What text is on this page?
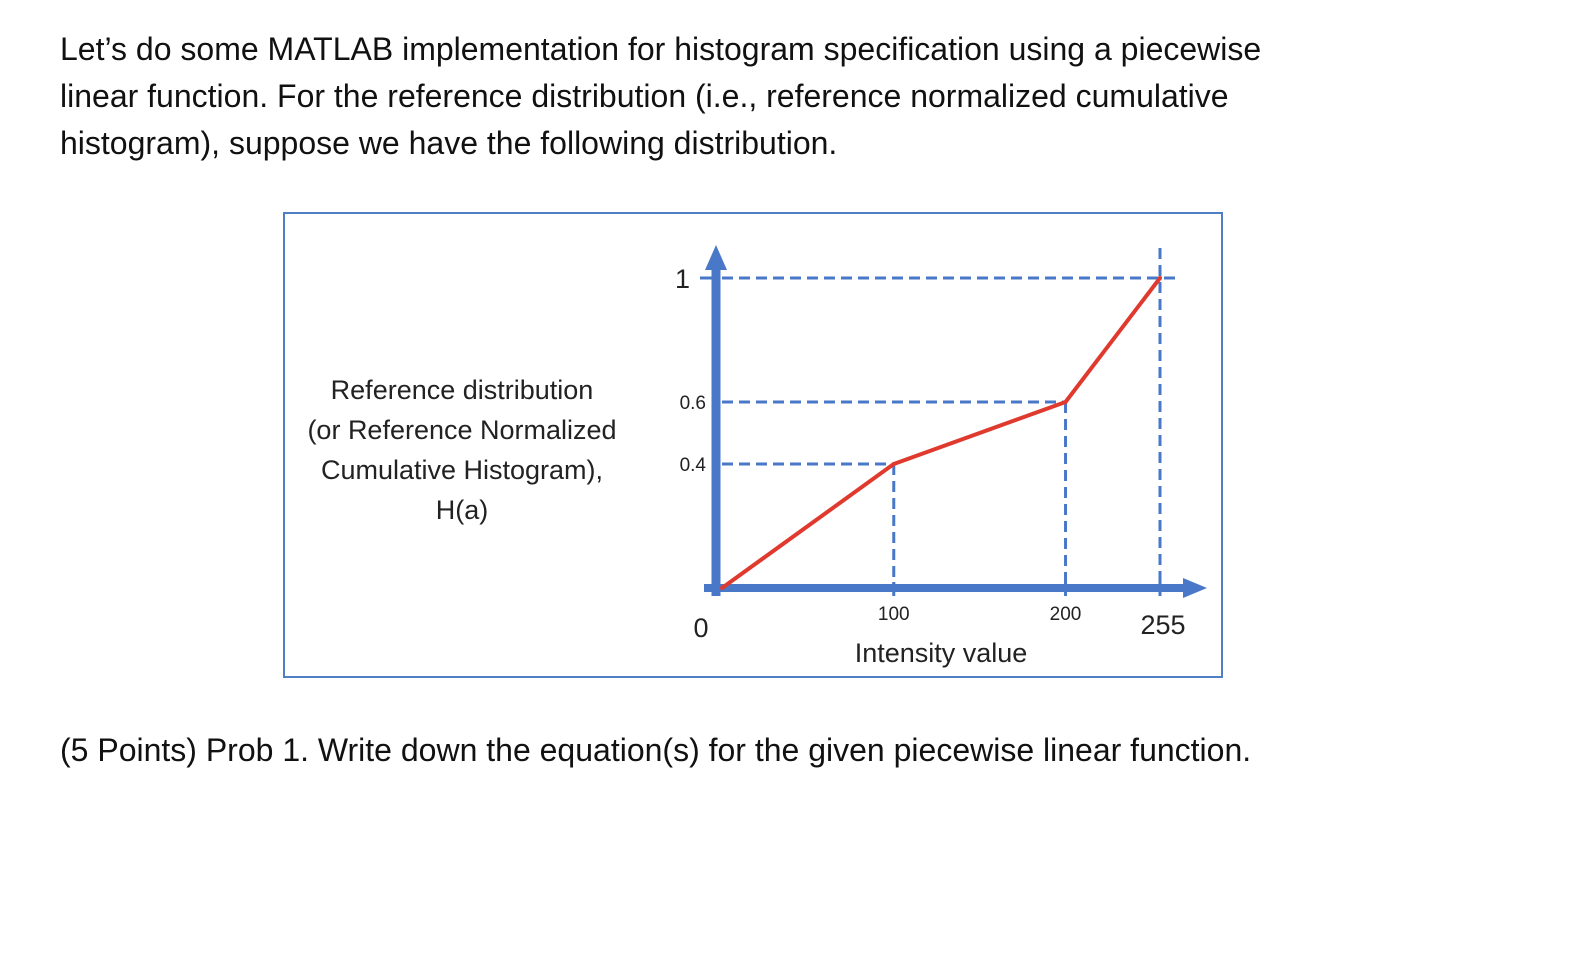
Let’s do some MATLAB implementation for histogram specification using a piecewise
linear function. For the reference distribution (i.e., reference normalized cumulative
histogram), suppose we have the following distribution.
Reference distribution
(or Reference Normalized
Cumulative Histogram),
H(a)
1
0.6
0.4
0	100	200 255
Intensity value

(5 Points) Prob 1. Write down the equation(s) for the given piecewise linear function.
